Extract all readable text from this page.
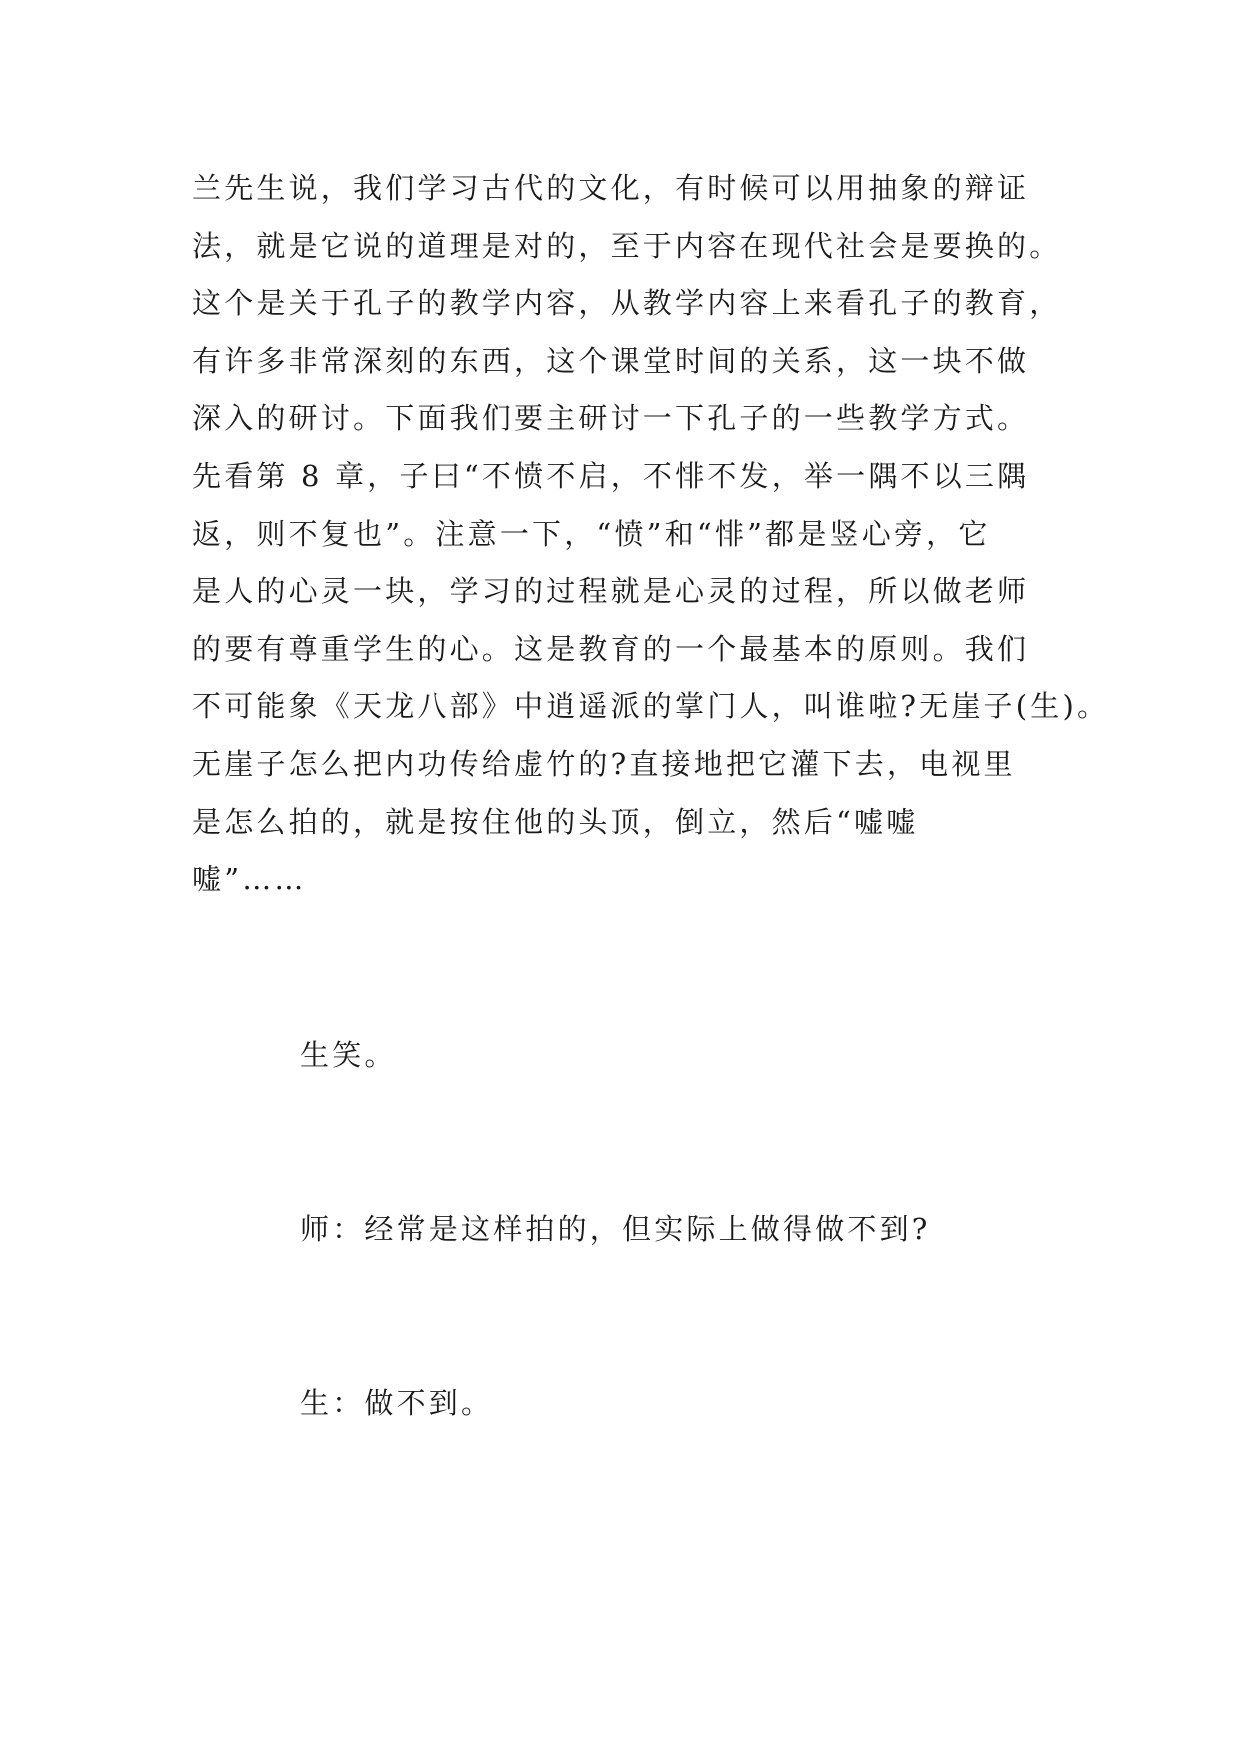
兰先生说，我们学习古代的文化，有时候可以用抽象的辩证
法，就是它说的道理是对的，至于内容在现代社会是要换的。
这个是关于孔子的教学内容，从教学内容上来看孔子的教育，
有许多非常深刻的东西，这个课堂时间的关系，这一块不做
深入的研讨。下面我们要主研讨一下孔子的一些教学方式。
先看第 8 章，子曰“不愤不启，不悱不发，举一隅不以三隅
返，则不复也”。注意一下，“愤”和“悱”都是竖心旁，它
是人的心灵一块，学习的过程就是心灵的过程，所以做老师
的要有尊重学生的心。这是教育的一个最基本的原则。我们
不可能象《天龙八部》中逍遥派的掌门人，叫谁啦?无崖子(生)。
无崖子怎么把内功传给虚竹的?直接地把它灌下去，电视里
是怎么拍的，就是按住他的头顶，倒立，然后“嘘嘘
嘘”……
生笑。
师：经常是这样拍的，但实际上做得做不到?
生：做不到。
